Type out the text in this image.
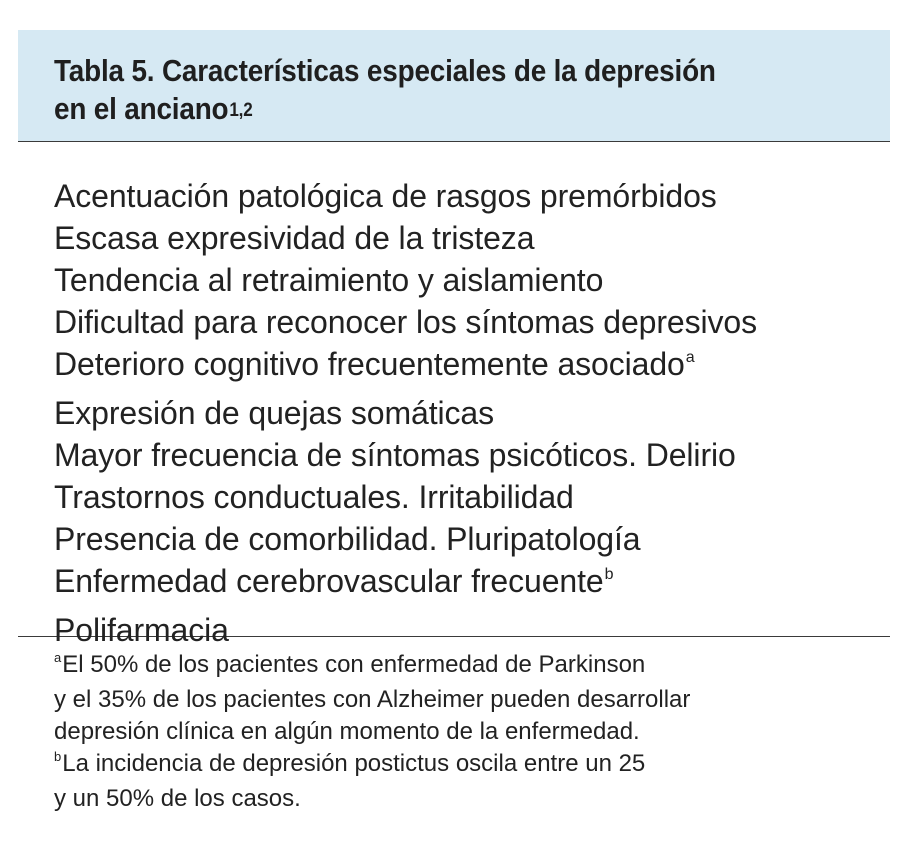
Tabla 5. Características especiales de la depresión
en el anciano$^{1,2}$
Acentuación patológica de rasgos premórbidos
Escasa expresividad de la tristeza
Tendencia al retraimiento y aislamiento
Dificultad para reconocer los síntomas depresivos
Deterioro cognitivo frecuentemente asociado$^a$
Expresión de quejas somáticas
Mayor frecuencia de síntomas psicóticos. Delirio
Trastornos conductuales. Irritabilidad
Presencia de comorbilidad. Pluripatología
Enfermedad cerebrovascular frecuente$^b$
Polifarmacia

$^a$El 50% de los pacientes con enfermedad de Parkinson

y el 35% de los pacientes con Alzheimer pueden desarrollar

depresión clínica en algún momento de la enfermedad.

$^b$La incidencia de depresión postictus oscila entre un 25

y un 50% de los casos.
